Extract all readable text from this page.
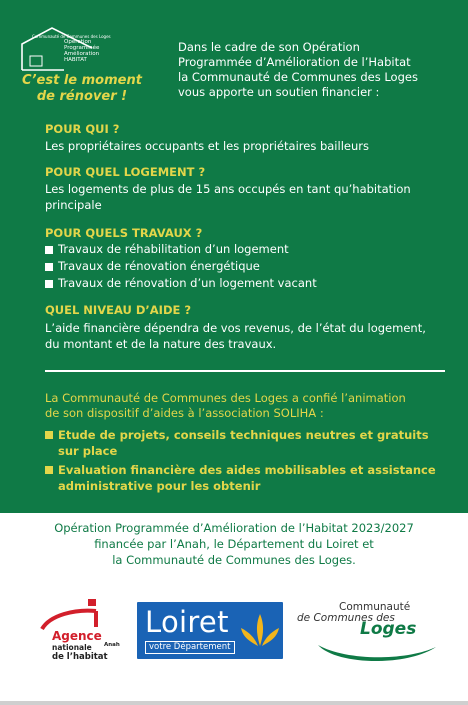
Communauté de Communes des Loges
Opération
Programmée
Amélioration
HABITAT
C’est le moment
de rénover !
Dans le cadre de son Opération
Programmée d’Amélioration de l’Habitat
la Communauté de Communes des Loges
vous apporte un soutien financier :
POUR QUI ?
Les propriétaires occupants et les propriétaires bailleurs
POUR QUEL LOGEMENT ?
Les logements de plus de 15 ans occupés en tant qu’habitation
principale
POUR QUELS TRAVAUX ?
Travaux de réhabilitation d’un logement
Travaux de rénovation énergétique
Travaux de rénovation d’un logement vacant
QUEL NIVEAU D’AIDE ?
L’aide financière dépendra de vos revenus, de l’état du logement,
du montant et de la nature des travaux.
La Communauté de Communes des Loges a confié l’animation
de son dispositif d’aides à l’association SOLIHA :
Etude de projets, conseils techniques neutres et gratuits
sur place
Evaluation financière des aides mobilisables et assistance
administrative pour les obtenir
Opération Programmée d’Amélioration de l’Habitat 2023/2027
financée par l’Anah, le Département du Loiret et
la Communauté de Communes des Loges.
Agence
nationale
de l’habitat
Anah
Loiret
votre Département
Communauté
de Communes des
Loges
